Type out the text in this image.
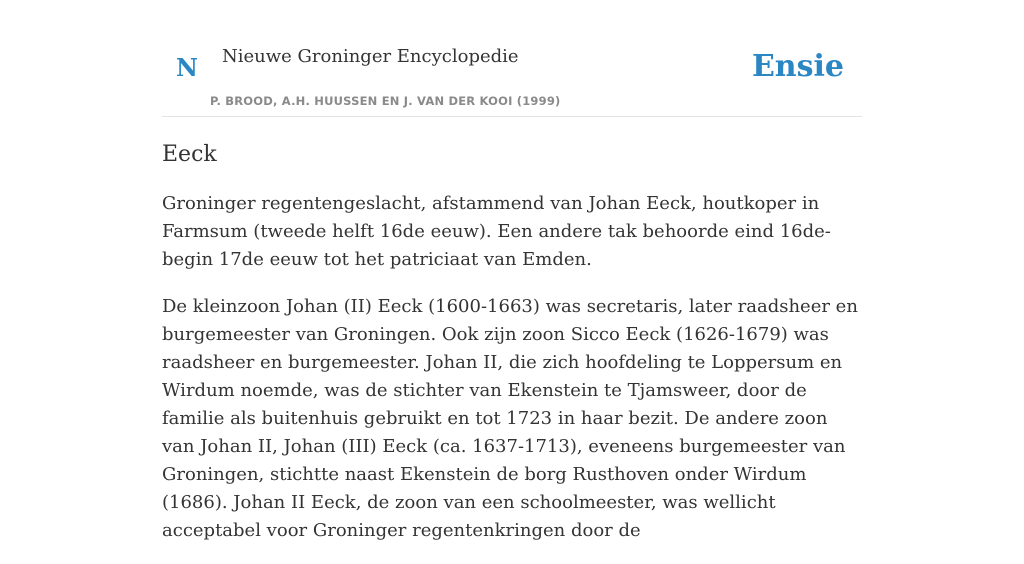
N Nieuwe Groninger Encyclopedie
P. BROOD, A.H. HUUSSEN EN J. VAN DER KOOI (1999)
Ensie
Eeck

Groninger regentengeslacht, afstammend van Johan Eeck, houtkoper in Farmsum (tweede helft 16de eeuw). Een andere tak behoorde eind 16de-begin 17de eeuw tot het patriciaat van Emden.

De kleinzoon Johan (II) Eeck (1600-1663) was secretaris, later raadsheer en burgemeester van Groningen. Ook zijn zoon Sicco Eeck (1626-1679) was raadsheer en burgemeester. Johan II, die zich hoofdeling te Loppersum en Wirdum noemde, was de stichter van Ekenstein te Tjamsweer, door de familie als buitenhuis gebruikt en tot 1723 in haar bezit. De andere zoon van Johan II, Johan (III) Eeck (ca. 1637-1713), eveneens burgemeester van Groningen, stichtte naast Ekenstein de borg Rusthoven onder Wirdum (1686). Johan II Eeck, de zoon van een schoolmeester, was wellicht acceptabel voor Groninger regentenkringen door de
